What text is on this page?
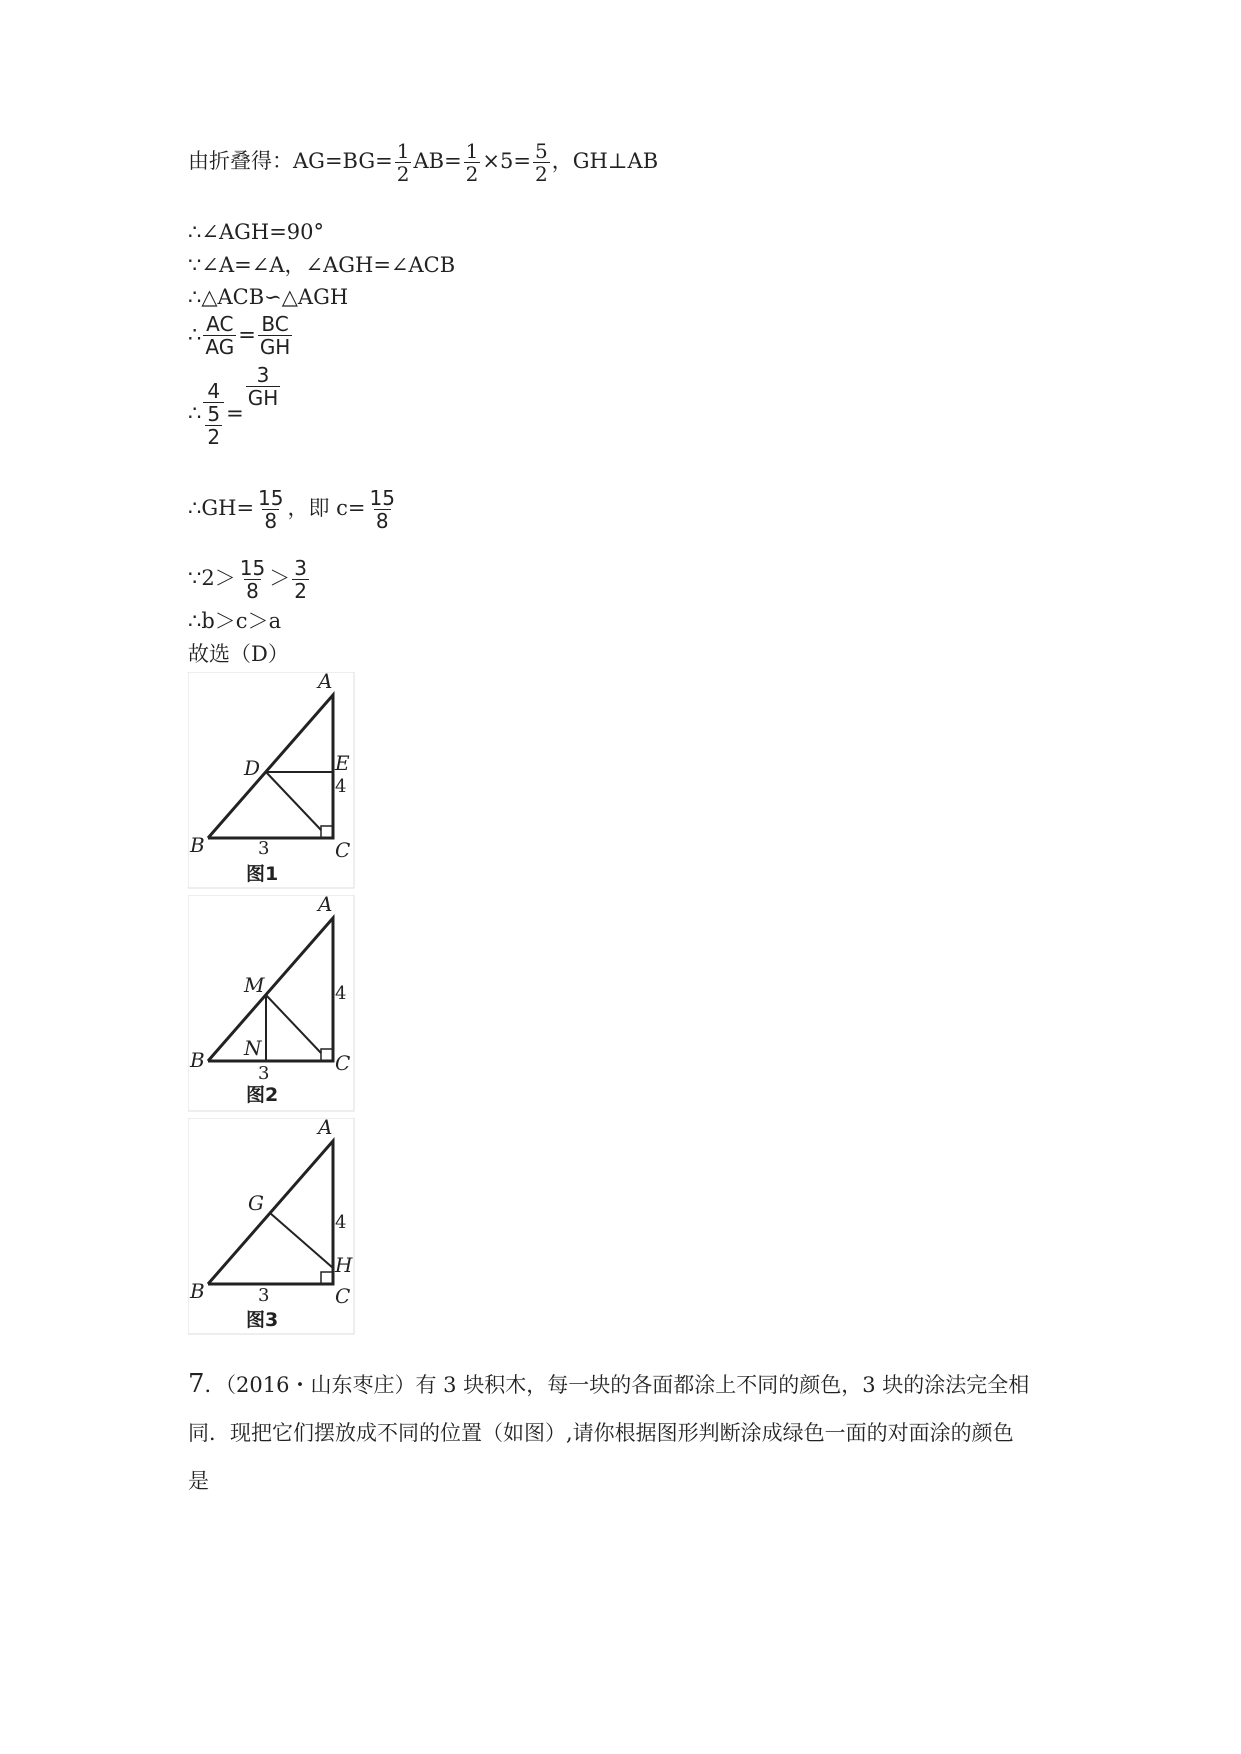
由折叠得：$AG=BG= \frac{1}{2} AB= \frac{1}{2} \times 5= \frac{5}{2}$ ，GH⊥AB
∴∠AGH=90°
∵∠A=∠A，∠AGH=∠ACB
∴△ACB∽△AGH
∴ $\frac{AC}{AG} = \frac{BC}{GH}$
∴ $\frac{4}{\frac{5}{2}}$ =
$\frac{3}{GH}$
∴GH= $\frac{15}{8}$ ，即 $c= \frac{15}{8}$
∵2＞ $\frac{15}{8} > \frac{3}{2}$
∴b＞c＞a
故选（D）
A
B	C
D	E
4
3
图1
A
B	C
M
N
4
3
图2
A
B	C
G
H
4
3
图3
7．（2016・山东枣庄）有 3 块积木，每一块的各面都涂上不同的颜色，3 块的涂法完全相
同．现把它们摆放成不同的位置（如图）,请你根据图形判断涂成绿色一面的对面涂的颜色
是
